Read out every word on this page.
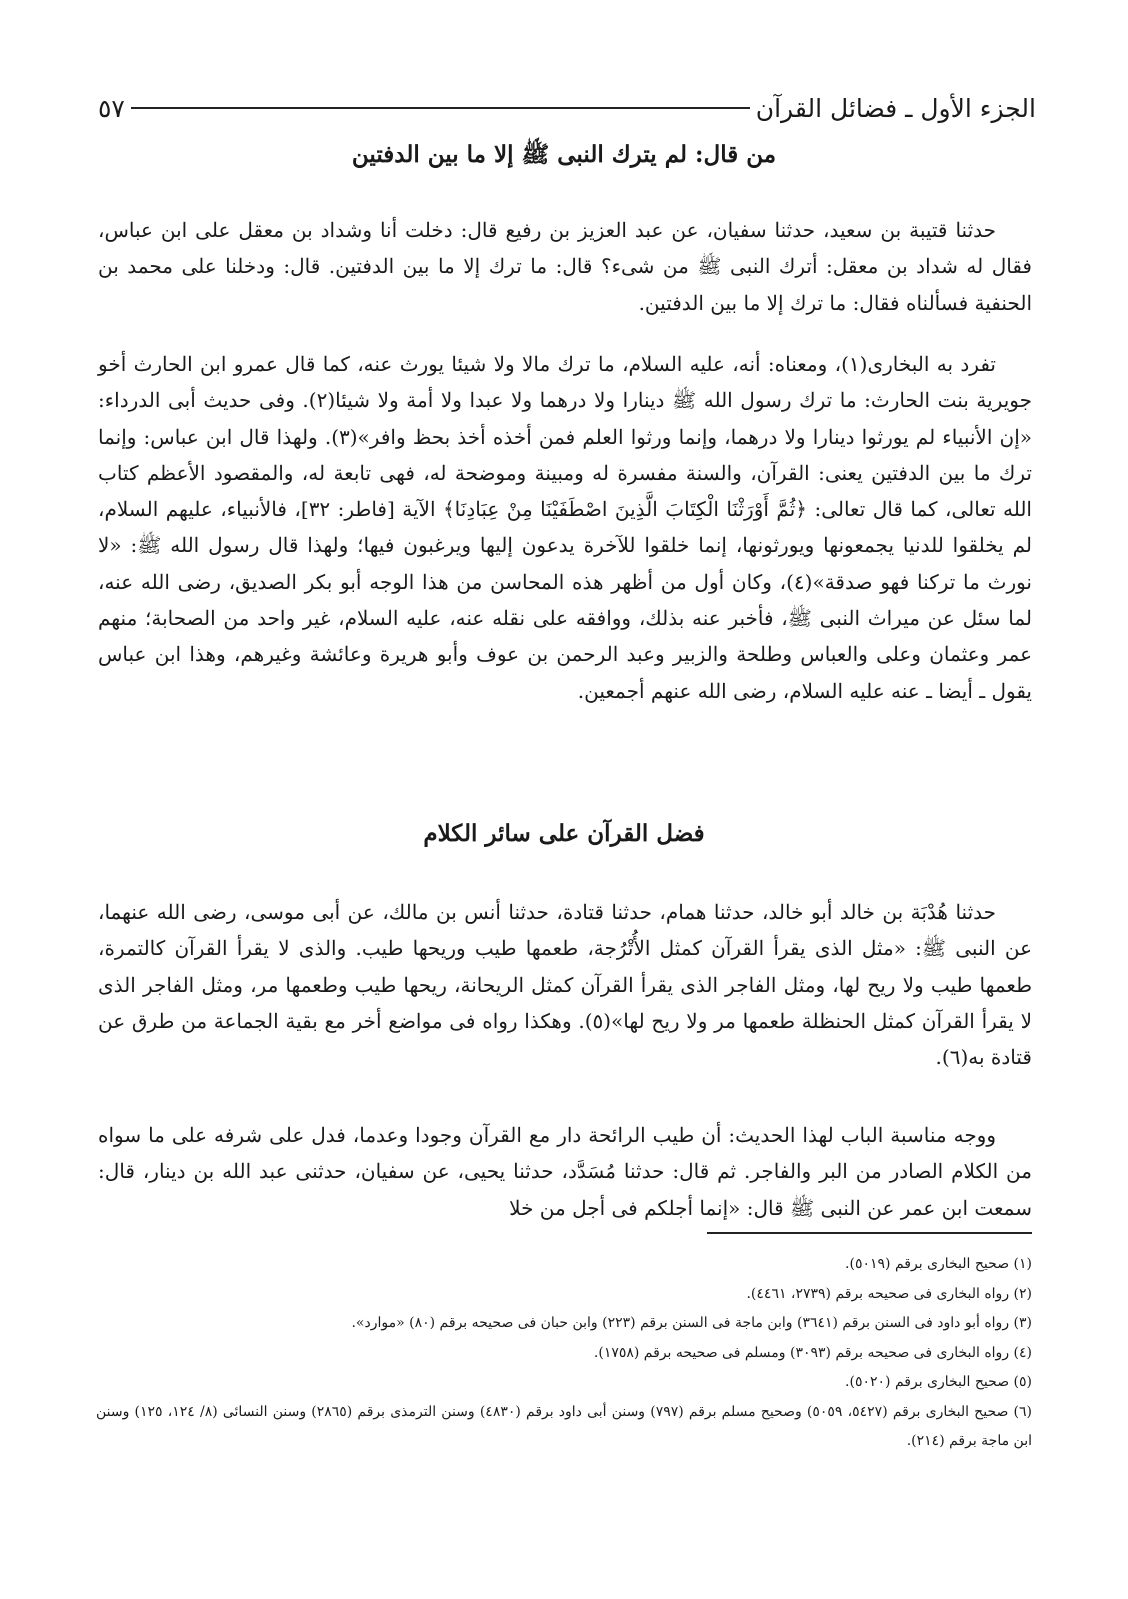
الجزء الأول ـ فضائل القرآن
٥٧
من قال: لم يترك النبى ﷺ إلا ما بين الدفتين

حدثنا قتيبة بن سعيد، حدثنا سفيان، عن عبد العزيز بن رفيع قال: دخلت أنا وشداد بن معقل على ابن عباس، فقال له شداد بن معقل: أترك النبى ﷺ من شىء؟ قال: ما ترك إلا ما بين الدفتين. قال: ودخلنا على محمد بن الحنفية فسألناه فقال: ما ترك إلا ما بين الدفتين.

تفرد به البخارى(١)، ومعناه: أنه، عليه السلام، ما ترك مالا ولا شيئا يورث عنه، كما قال عمرو ابن الحارث أخو جويرية بنت الحارث: ما ترك رسول الله ﷺ دينارا ولا درهما ولا عبدا ولا أمة ولا شيئا(٢). وفى حديث أبى الدرداء: «إن الأنبياء لم يورثوا دينارا ولا درهما، وإنما ورثوا العلم فمن أخذه أخذ بحظ وافر»(٣). ولهذا قال ابن عباس: وإنما ترك ما بين الدفتين يعنى: القرآن، والسنة مفسرة له ومبينة وموضحة له، فهى تابعة له، والمقصود الأعظم كتاب الله تعالى، كما قال تعالى: ﴿ثُمَّ أَوْرَثْنَا الْكِتَابَ الَّذِينَ اصْطَفَيْنَا مِنْ عِبَادِنَا﴾ الآية [فاطر: ٣٢]، فالأنبياء، عليهم السلام، لم يخلقوا للدنيا يجمعونها ويورثونها، إنما خلقوا للآخرة يدعون إليها ويرغبون فيها؛ ولهذا قال رسول الله ﷺ: «لا نورث ما تركنا فهو صدقة»(٤)، وكان أول من أظهر هذه المحاسن من هذا الوجه أبو بكر الصديق، رضى الله عنه، لما سئل عن ميراث النبى ﷺ، فأخبر عنه بذلك، ووافقه على نقله عنه، عليه السلام، غير واحد من الصحابة؛ منهم عمر وعثمان وعلى والعباس وطلحة والزبير وعبد الرحمن بن عوف وأبو هريرة وعائشة وغيرهم، وهذا ابن عباس يقول ـ أيضا ـ عنه عليه السلام، رضى الله عنهم أجمعين.

فضل القرآن على سائر الكلام

حدثنا هُدْبَة بن خالد أبو خالد، حدثنا همام، حدثنا قتادة، حدثنا أنس بن مالك، عن أبى موسى، رضى الله عنهما، عن النبى ﷺ: «مثل الذى يقرأ القرآن كمثل الأُتْرُجة، طعمها طيب وريحها طيب. والذى لا يقرأ القرآن كالتمرة، طعمها طيب ولا ريح لها، ومثل الفاجر الذى يقرأ القرآن كمثل الريحانة، ريحها طيب وطعمها مر، ومثل الفاجر الذى لا يقرأ القرآن كمثل الحنظلة طعمها مر ولا ريح لها»(٥). وهكذا رواه فى مواضع أخر مع بقية الجماعة من طرق عن قتادة به(٦).

ووجه مناسبة الباب لهذا الحديث: أن طيب الرائحة دار مع القرآن وجودا وعدما، فدل على شرفه على ما سواه من الكلام الصادر من البر والفاجر. ثم قال: حدثنا مُسَدَّد، حدثنا يحيى، عن سفيان، حدثنى عبد الله بن دينار، قال: سمعت ابن عمر عن النبى ﷺ قال: «إنما أجلكم فى أجل من خلا

(١) صحيح البخارى برقم (٥٠١٩).

(٢) رواه البخارى فى صحيحه برقم (٢٧٣٩، ٤٤٦١).

(٣) رواه أبو داود فى السنن برقم (٣٦٤١) وابن ماجة فى السنن برقم (٢٢٣) وابن حبان فى صحيحه برقم (٨٠) «موارد».

(٤) رواه البخارى فى صحيحه برقم (٣٠٩٣) ومسلم فى صحيحه برقم (١٧٥٨).

(٥) صحيح البخارى برقم (٥٠٢٠).

(٦) صحيح البخارى برقم (٥٤٢٧، ٥٠٥٩) وصحيح مسلم برقم (٧٩٧) وسنن أبى داود برقم (٤٨٣٠) وسنن الترمذى برقم (٢٨٦٥) وسنن النسائى (٨/ ١٢٤، ١٢٥) وسنن ابن ماجة برقم (٢١٤).
